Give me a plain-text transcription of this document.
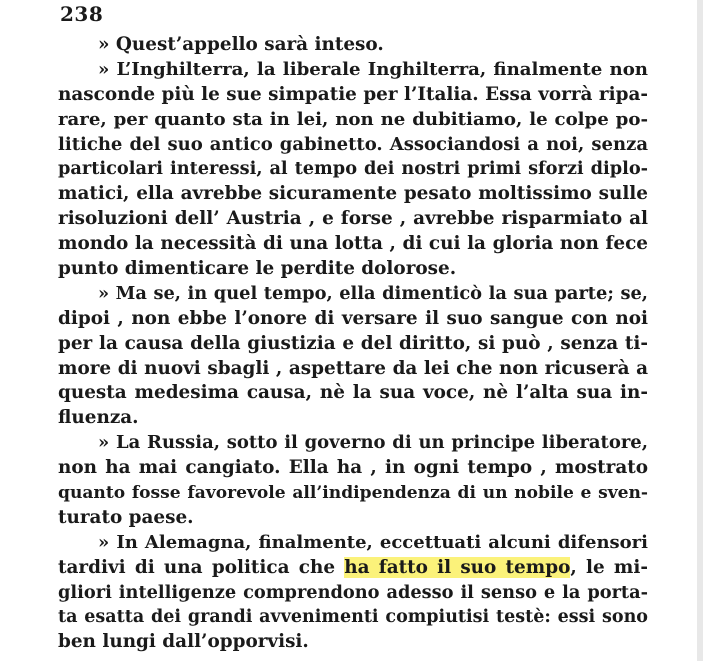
238
» Quest’appello sarà inteso.
» L’Inghilterra, la liberale Inghilterra, finalmente non
nasconde più le sue simpatie per l’Italia. Essa vorrà ripa-
rare, per quanto sta in lei, non ne dubitiamo, le colpe po-
litiche del suo antico gabinetto. Associandosi a noi, senza
particolari interessi, al tempo dei nostri primi sforzi diplo-
matici, ella avrebbe sicuramente pesato moltissimo sulle
risoluzioni dell’ Austria , e forse , avrebbe risparmiato al
mondo la necessità di una lotta , di cui la gloria non fece
punto dimenticare le perdite dolorose.
» Ma se, in quel tempo, ella dimenticò la sua parte; se,
dipoi , non ebbe l’onore di versare il suo sangue con noi
per la causa della giustizia e del diritto, si può , senza ti-
more di nuovi sbagli , aspettare da lei che non ricuserà a
questa medesima causa, nè la sua voce, nè l’alta sua in-
fluenza.
» La Russia, sotto il governo di un principe liberatore,
non ha mai cangiato. Ella ha , in ogni tempo , mostrato
quanto fosse favorevole all’indipendenza di un nobile e sven-
turato paese.
» In Alemagna, finalmente, eccettuati alcuni difensori
tardivi di una politica che ha fatto il suo tempo, le mi-
gliori intelligenze comprendono adesso il senso e la porta-
ta esatta dei grandi avvenimenti compiutisi testè: essi sono
ben lungi dall’opporvisi.
